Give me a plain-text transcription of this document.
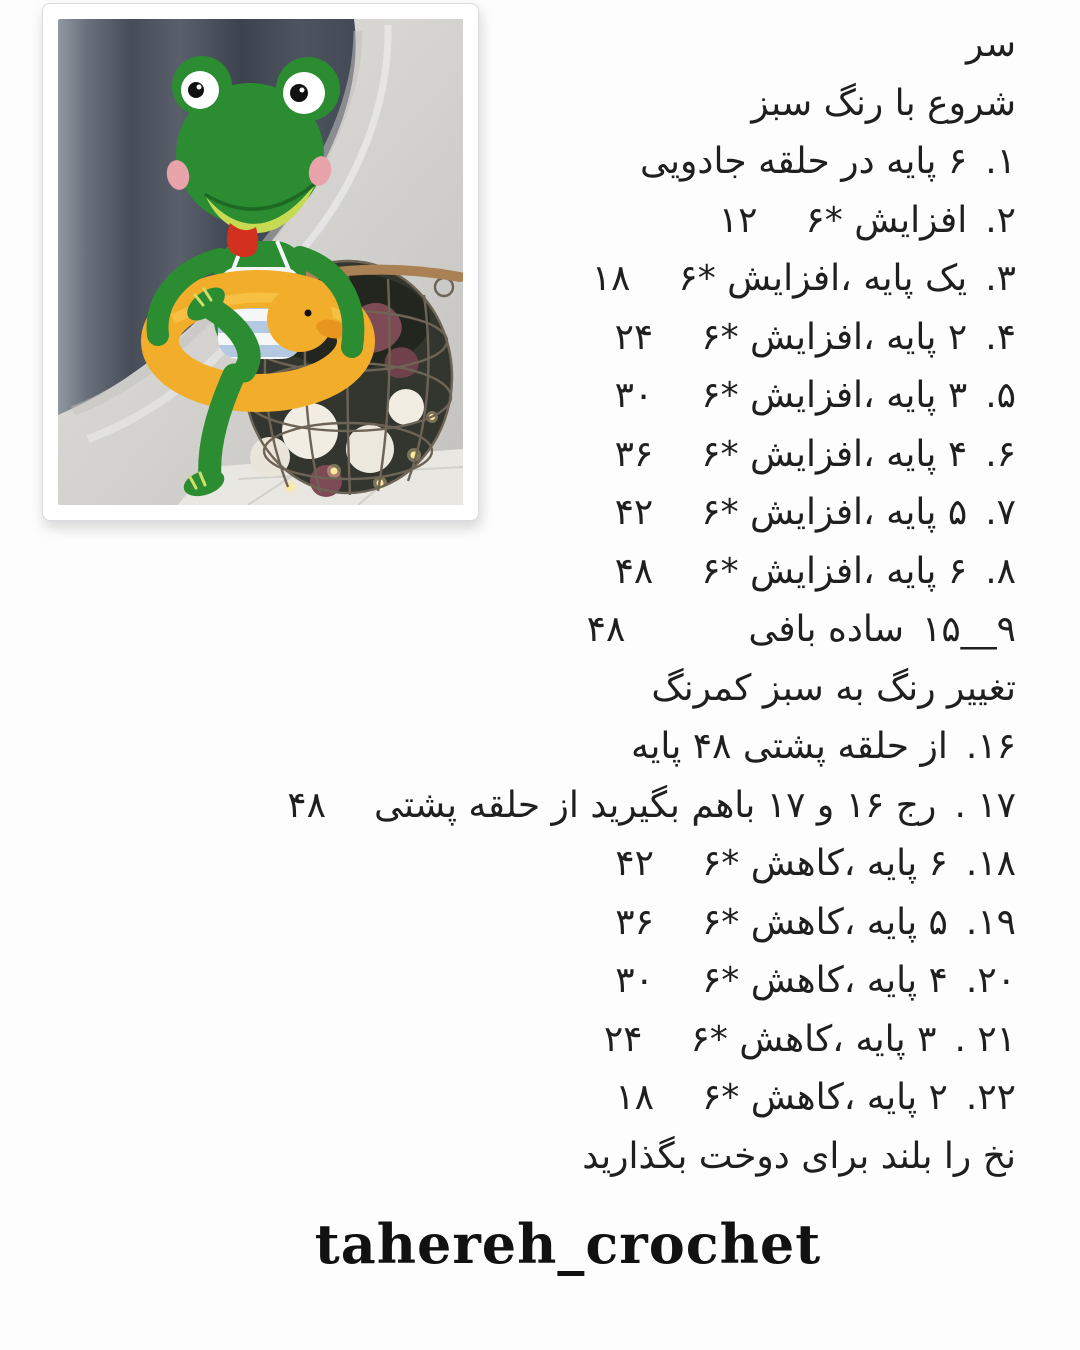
سر
شروع با رنگ سبز
۱.
۶ پایه در حلقه جادویی
۲.
افزایش *۶
۱۲
۳.
یک پایه ،افزایش *۶
۱۸
۴.
۲ پایه ،افزایش *۶
۲۴
۵.
۳ پایه ،افزایش *۶
۳۰
۶.
۴ پایه ،افزایش *۶
۳۶
۷.
۵ پایه ،افزایش *۶
۴۲
۸.
۶ پایه ،افزایش *۶
۴۸
۹__۱۵
ساده بافی
۴۸
تغییر رنگ به سبز کمرنگ
۱۶.
از حلقه پشتی ۴۸ پایه
۱۷ .
رج ۱۶ و ۱۷ باهم بگیرید از حلقه پشتی
۴۸
۱۸.
۶ پایه ،کاهش *۶
۴۲
۱۹.
۵ پایه ،کاهش *۶
۳۶
۲۰.
۴ پایه ،کاهش *۶
۳۰
۲۱ .
۳ پایه ،کاهش *۶
۲۴
۲۲.
۲ پایه ،کاهش *۶
۱۸
نخ را بلند برای دوخت بگذارید
tahereh_crochet
